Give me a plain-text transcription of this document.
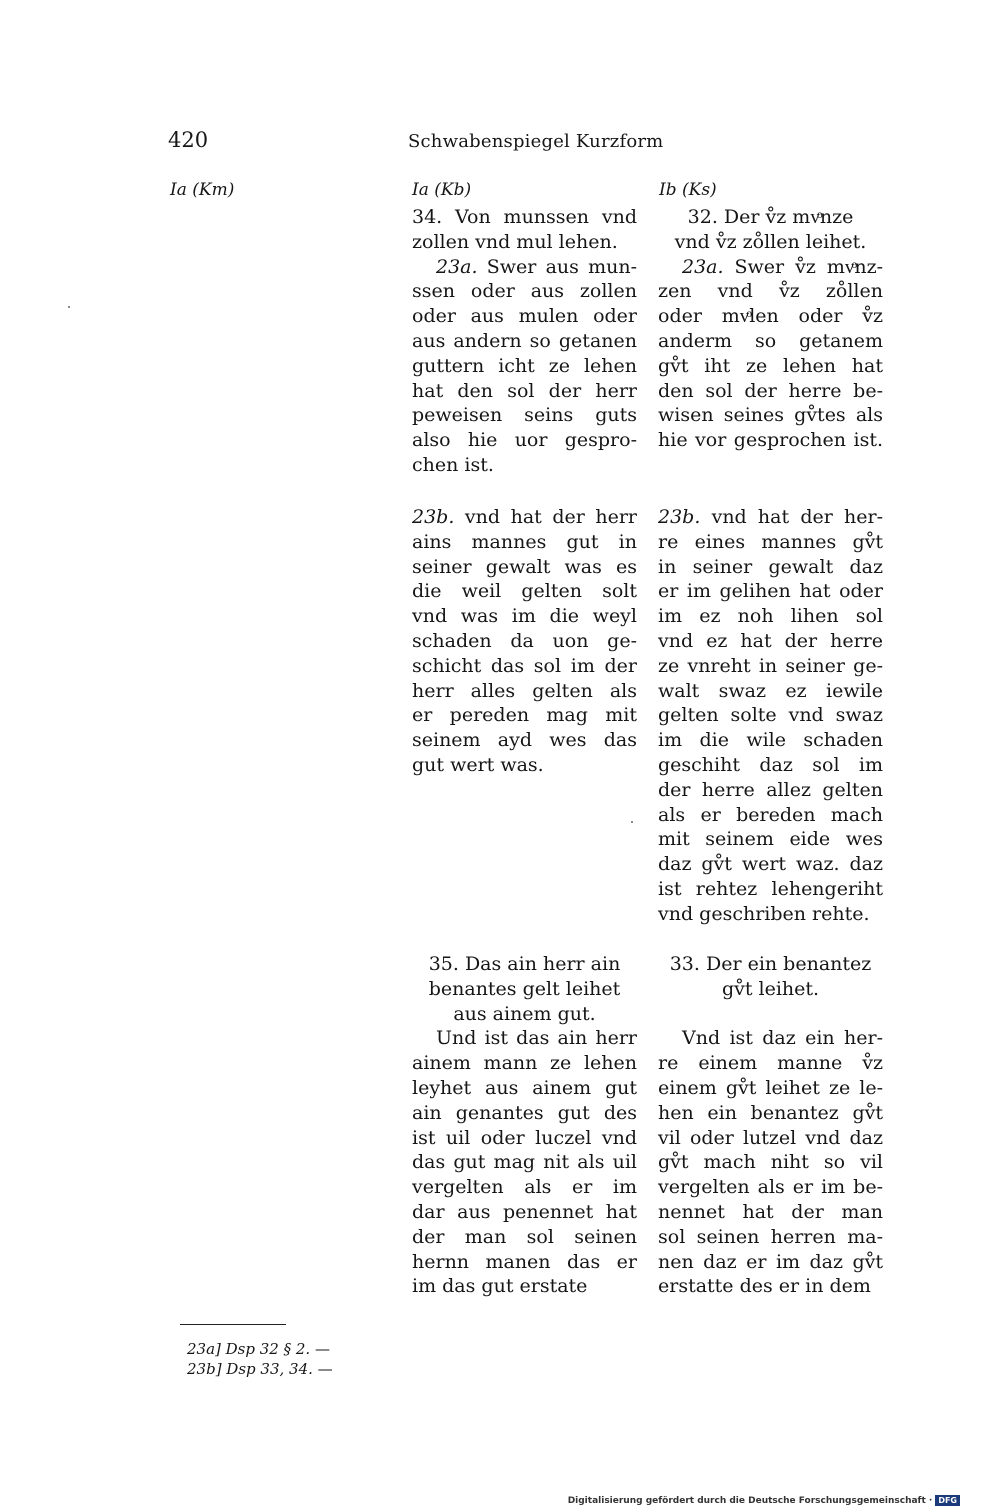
420	Schwabenspiegel Kurzform
Ia (Km)	Ia (Kb)	Ib (Ks)
34. Von munssen vnd
zollen vnd mul lehen.
23a. Swer aus mun-
ssen oder aus zollen
oder aus mulen oder
aus andern so getanen
guttern icht ze lehen
hat den sol der herr
peweisen seins guts
also hie uor gespro-
chen ist.
23b. vnd hat der herr
ains mannes gut in
seiner gewalt was es
die weil gelten solt
vnd was im die weyl
schaden da uon ge-
schicht das sol im der
herr alles gelten als
er pereden mag mit
seinem ayd wes das
gut wert was.
35. Das ain herr ain
benantes gelt leihet
aus ainem gut.
Und ist das ain herr
ainem mann ze lehen
leyhet aus ainem gut
ain genantes gut des
ist uil oder luczel vnd
das gut mag nit als uil
vergelten als er im
dar aus penennet hat
der man sol seinen
hernn manen das er
im das gut erstate
32. Der v̊z mvͦnze
vnd v̊z zo̊llen leihet.
23a. Swer v̊z mvͦnz-
zen vnd v̊z zo̊llen
oder mvͦlen oder v̊z
anderm so getanem
gv̊t iht ze lehen hat
den sol der herre be-
wisen seines gv̊tes als
hie vor gesprochen ist.
23b. vnd hat der her-
re eines mannes gv̊t
in seiner gewalt daz
er im gelihen hat oder
im ez noh lihen sol
vnd ez hat der herre
ze vnreht in seiner ge-
walt swaz ez iewile
gelten solte vnd swaz
im die wile schaden
geschiht daz sol im
der herre allez gelten
als er bereden mach
mit seinem eide wes
daz gv̊t wert waz. daz
ist rehtez lehengeriht
vnd geschriben rehte.
33. Der ein benantez
gv̊t leihet.
Vnd ist daz ein her-
re einem manne v̊z
einem gv̊t leihet ze le-
hen ein benantez gv̊t
vil oder lutzel vnd daz
gv̊t mach niht so vil
vergelten als er im be-
nennet hat der man
sol seinen herren ma-
nen daz er im daz gv̊t
erstatte des er in dem
23a] Dsp 32 § 2. —
23b] Dsp 33, 34. —
Digitalisierung gefördert durch die Deutsche Forschungsgemeinschaft · DFG
